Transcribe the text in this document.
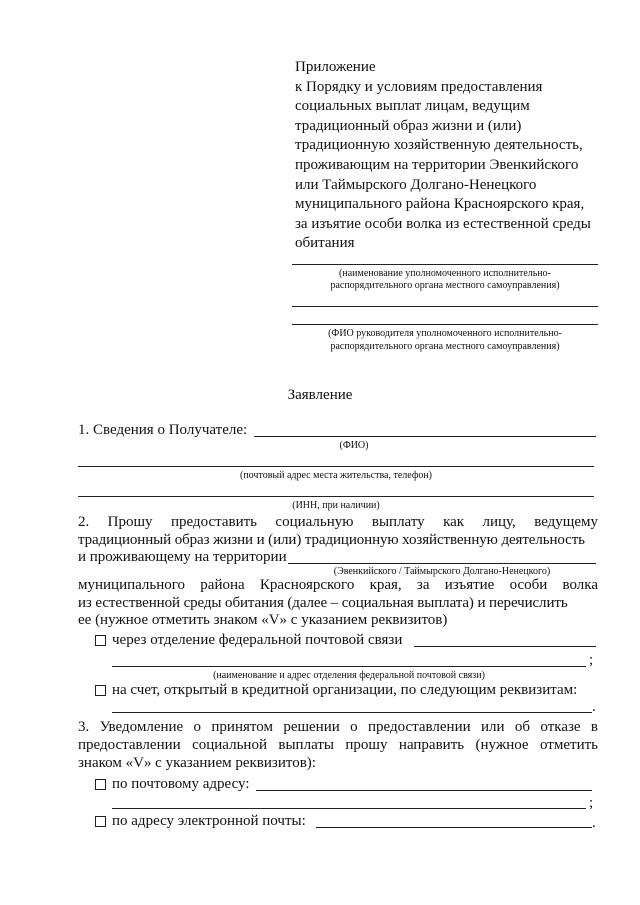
Приложение
к Порядку и условиям предоставления
социальных выплат лицам, ведущим
традиционный образ жизни и (или)
традиционную хозяйственную деятельность,
проживающим на территории Эвенкийского
или Таймырского Долгано-Ненецкого
муниципального района Красноярского края,
за изъятие особи волка из естественной среды
обитания
(наименование уполномоченного исполнительно-
распорядительного органа местного самоуправления)
(ФИО руководителя уполномоченного исполнительно-
распорядительного органа местного самоуправления)
Заявление
1. Сведения о Получателе:
(ФИО)
(почтовый адрес места жительства, телефон)
(ИНН, при наличии)
2. Прошу предоставить социальную выплату как лицу, ведущему
традиционный образ жизни и (или) традиционную хозяйственную деятельность
и проживающему на территории
(Эвенкийского / Таймырского Долгано-Ненецкого)
муниципального района Красноярского края, за изъятие особи волка
из естественной среды обитания (далее – социальная выплата) и перечислить
ее (нужное отметить знаком «V» с указанием реквизитов)
через отделение федеральной почтовой связи
;
(наименование и адрес отделения федеральной почтовой связи)
на счет, открытый в кредитной организации, по следующим реквизитам:
.
3. Уведомление о принятом решении о предоставлении или об отказе в
предоставлении социальной выплаты прошу направить (нужное отметить
знаком «V» с указанием реквизитов):
по почтовому адресу:
;
по адресу электронной почты:	.
